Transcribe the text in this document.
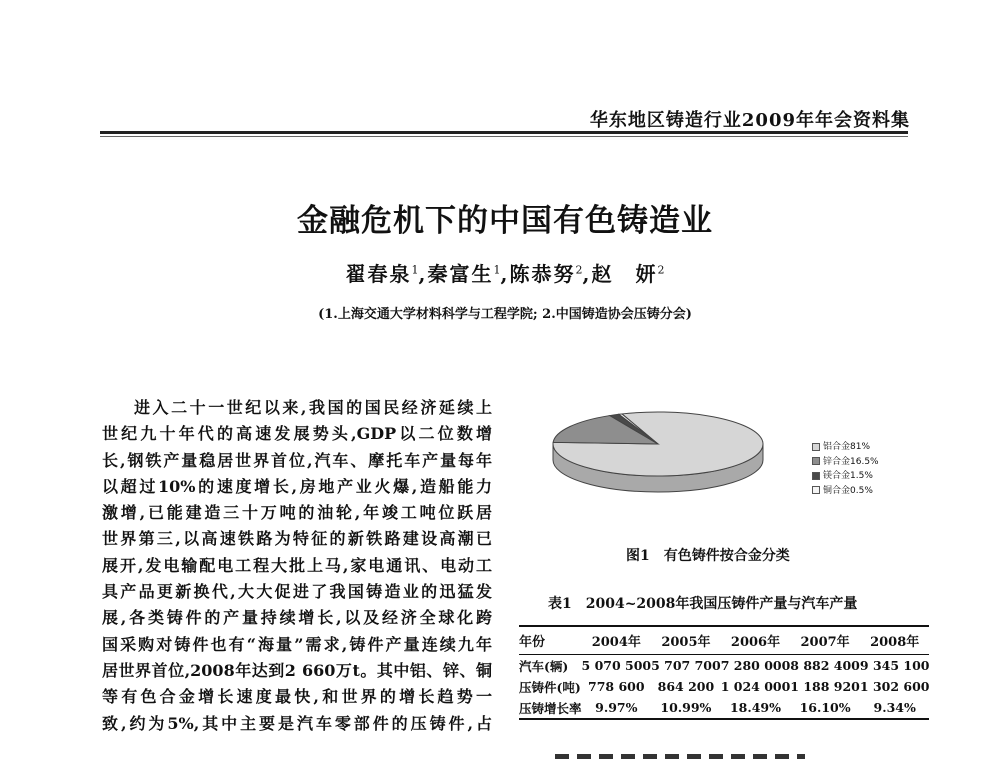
华东地区铸造行业2009年年会资料集
金融危机下的中国有色铸造业
翟春泉$^1$,秦富生$^1$,陈恭努$^2$,赵　妍$^2$
(1.上海交通大学材料科学与工程学院; 2.中国铸造协会压铸分会)
进入二十一世纪以来,我国的国民经济延续上
世纪九十年代的高速发展势头,GDP以二位数增
长,钢铁产量稳居世界首位,汽车、摩托车产量每年
以超过10%的速度增长,房地产业火爆,造船能力
激增,已能建造三十万吨的油轮,年竣工吨位跃居
世界第三,以高速铁路为特征的新铁路建设高潮已
展开,发电输配电工程大批上马,家电通讯、电动工
具产品更新换代,大大促进了我国铸造业的迅猛发
展,各类铸件的产量持续增长,以及经济全球化跨
国采购对铸件也有“海量”需求,铸件产量连续九年
居世界首位,2008年达到2 660万t。其中铝、锌、铜
等有色合金增长速度最快,和世界的增长趋势一
致,约为5%,其中主要是汽车零部件的压铸件,占
铝合金81%
锌合金16.5%
镁合金1.5%
铜合金0.5%
图1　有色铸件按合金分类
表1　2004~2008年我国压铸件产量与汽车产量
年份	2004年	2005年	2006年	2007年	2008年
汽车(辆)	5 070 500	5 707 700	7 280 000	8 882 400	9 345 100
压铸件(吨)	778 600	864 200	1 024 000	1 188 920	1 302 600
压铸增长率	9.97%	10.99%	18.49%	16.10%	9.34%
